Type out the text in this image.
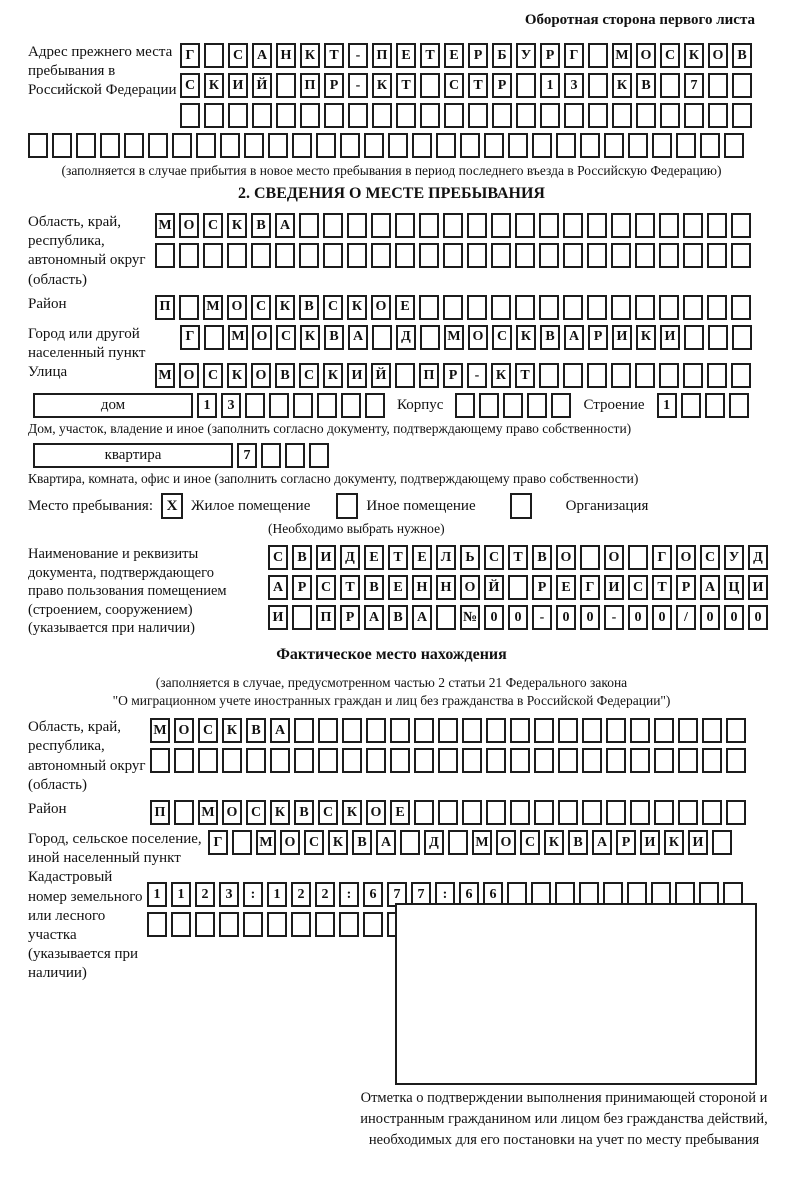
Оборотная сторона первого листа
Адрес прежнего места пребывания в Российской Федерации
Г	С А Н К	Т	-	П Е	Т	Е	Р	Б	У	Р	Г	М О С К О В
С К И Й	П	Р	-	К	Т	С	Т	Р	1	3	К	В	7
(заполняется в случае прибытия в новое место пребывания в период последнего въезда в Российскую Федерацию)
2. СВЕДЕНИЯ О МЕСТЕ ПРЕБЫВАНИЯ
Область, край, республика, автономный округ (область)
М О С К	В	А
Район	П	М О С К	В	С К О Е
Город или другой населенный пункт
Г	М О С К	В	А	Д	М О С К	В	А	Р	И К И
Улица	М О С К О В	С К И Й	П	Р	-	К	Т
дом	1	3	Корпус	Строение	1
Дом, участок, владение и иное (заполнить согласно документу, подтверждающему право собственности)
квартира	7
Квартира, комната, офис и иное (заполнить согласно документу, подтверждающему право собственности)
Место пребывания: X Жилое помещение	Иное помещение	Организация
(Необходимо выбрать нужное)
Наименование и реквизиты документа, подтверждающего право пользования помещением (строением, сооружением) (указывается при наличии)
С	В И Д	Е	Т	Е	Л	Ь	С	Т	В О	О	Г	О С У	Д
А	Р	С	Т	В	Е Н Н О Й	Р	Е	Г	И С	Т	Р	А Ц И
И	П	Р	А	В	А	№ 0	0	-	0	0	-	0	0	/	0	0	0
Фактическое место нахождения
(заполняется в случае, предусмотренном частью 2 статьи 21 Федерального закона
"О миграционном учете иностранных граждан и лиц без гражданства в Российской Федерации")
Область, край, республика, автономный округ (область)
М О С К	В	А
Район	П	М О С К	В	С К О Е
Город, сельское поселение, иной населенный пункт
Г	М О С К	В	А	Д	М О С К	В	А	Р	И К И
Кадастровый номер земельного или лесного участка (указывается при наличии)
1	1	2	3	:	1	2	2	:	6	7	7	:	6	6
Отметка о подтверждении выполнения принимающей стороной и иностранным гражданином или лицом без гражданства действий, необходимых для его постановки на учет по месту пребывания
